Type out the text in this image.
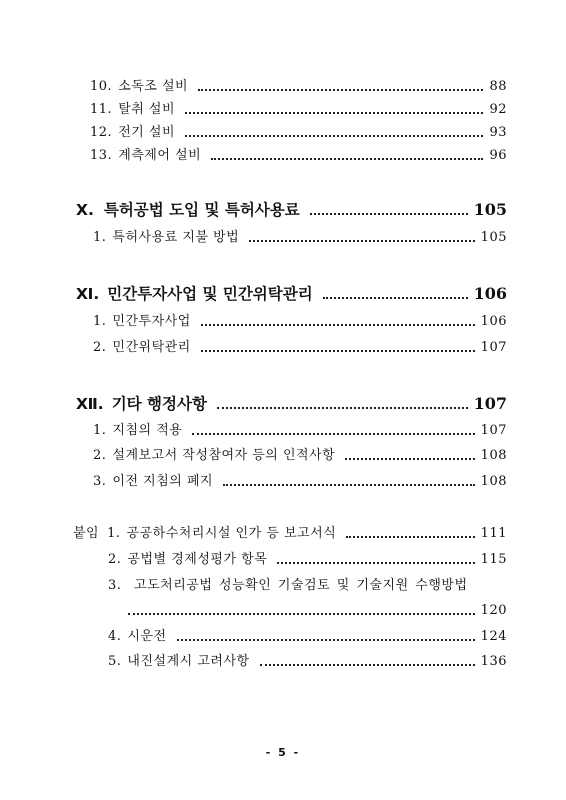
10. 소독조 설비	88
11. 탈취 설비	92
12. 전기 설비	93
13. 계측제어 설비	96
Ⅹ. 특허공법 도입 및 특허사용료	105
1. 특허사용료 지불 방법	105
Ⅺ. 민간투자사업 및 민간위탁관리	106
1. 민간투자사업	106
2. 민간위탁관리	107
Ⅻ. 기타 행정사항	107
1. 지침의 적용	107
2. 설계보고서 작성참여자 등의 인적사항	108
3. 이전 지침의 폐지	108
붙임 1. 공공하수처리시설 인가 등 보고서식	111
2. 공법별 경제성평가 항목	115
3. 고도처리공법 성능확인 기술검토 및 기술지원 수행방법
120
4. 시운전	124
5. 내진설계시 고려사항	136
- 5 -
